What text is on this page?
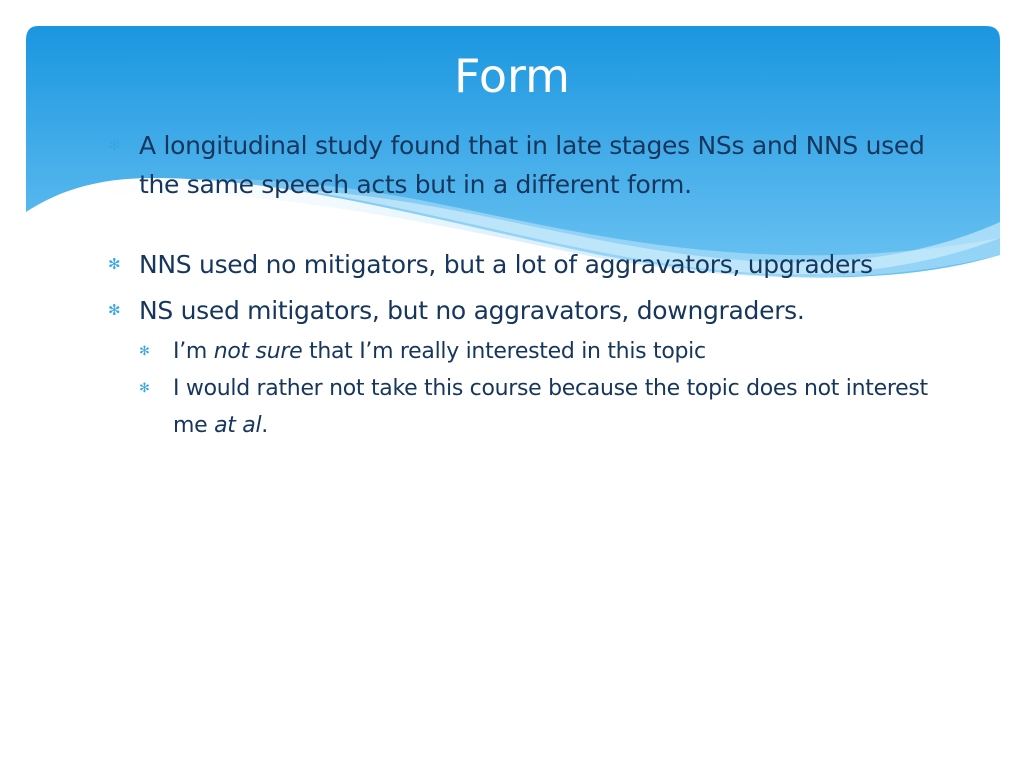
Form
✻ A longitudinal study found that in late stages NSs and NNS used the same speech acts but in a different form.
✻ NNS used no mitigators, but a lot of aggravators, upgraders
✻ NS used mitigators, but no aggravators, downgraders.
✻ I’m not sure that I’m really interested in this topic
✻ I would rather not take this course because the topic does not interest me at al.
